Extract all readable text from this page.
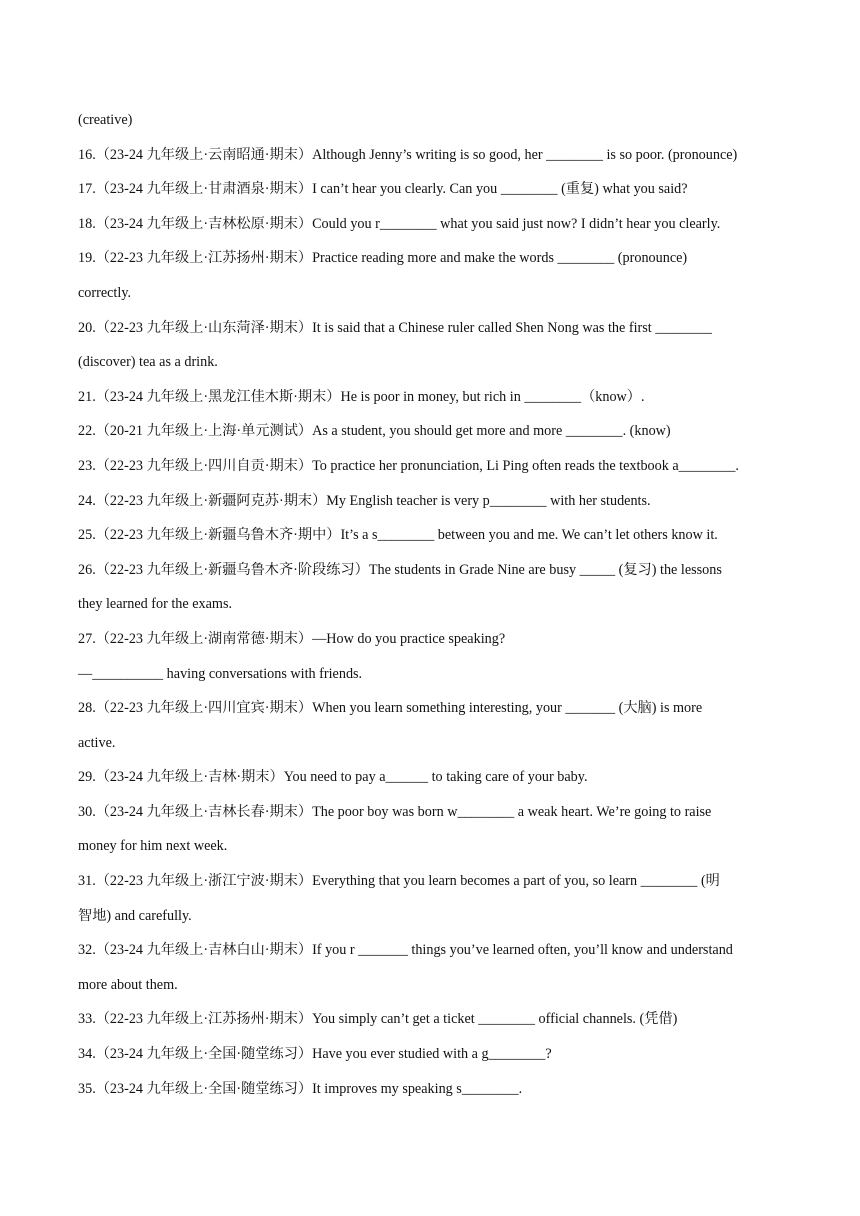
(creative)
16.（23-24 九年级上·云南昭通·期末）Although Jenny’s writing is so good, her ________ is so poor. (pronounce)
17.（23-24 九年级上·甘肃酒泉·期末）I can’t hear you clearly. Can you ________ (重复) what you said?
18.（23-24 九年级上·吉林松原·期末）Could you r________ what you said just now? I didn’t hear you clearly.
19.（22-23 九年级上·江苏扬州·期末）Practice reading more and make the words ________ (pronounce)
correctly.
20.（22-23 九年级上·山东菏泽·期末）It is said that a Chinese ruler called Shen Nong was the first ________
(discover) tea as a drink.
21.（23-24 九年级上·黑龙江佳木斯·期末）He is poor in money, but rich in ________（know）.
22.（20-21 九年级上·上海·单元测试）As a student, you should get more and more ________. (know)
23.（22-23 九年级上·四川自贡·期末）To practice her pronunciation, Li Ping often reads the textbook a________.
24.（22-23 九年级上·新疆阿克苏·期末）My English teacher is very p________ with her students.
25.（22-23 九年级上·新疆乌鲁木齐·期中）It’s a s________ between you and me. We can’t let others know it.
26.（22-23 九年级上·新疆乌鲁木齐·阶段练习）The students in Grade Nine are busy _____ (复习) the lessons
they learned for the exams.
27.（22-23 九年级上·湖南常德·期末）—How do you practice speaking?
—__________ having conversations with friends.
28.（22-23 九年级上·四川宜宾·期末）When you learn something interesting, your _______ (大脑) is more
active.
29.（23-24 九年级上·吉林·期末）You need to pay a______ to taking care of your baby.
30.（23-24 九年级上·吉林长春·期末）The poor boy was born w________ a weak heart. We’re going to raise
money for him next week.
31.（22-23 九年级上·浙江宁波·期末）Everything that you learn becomes a part of you, so learn ________ (明
智地) and carefully.
32.（23-24 九年级上·吉林白山·期末）If you r _______ things you’ve learned often, you’ll know and understand
more about them.
33.（22-23 九年级上·江苏扬州·期末）You simply can’t get a ticket ________ official channels. (凭借)
34.（23-24 九年级上·全国·随堂练习）Have you ever studied with a g________?
35.（23-24 九年级上·全国·随堂练习）It improves my speaking s________.
